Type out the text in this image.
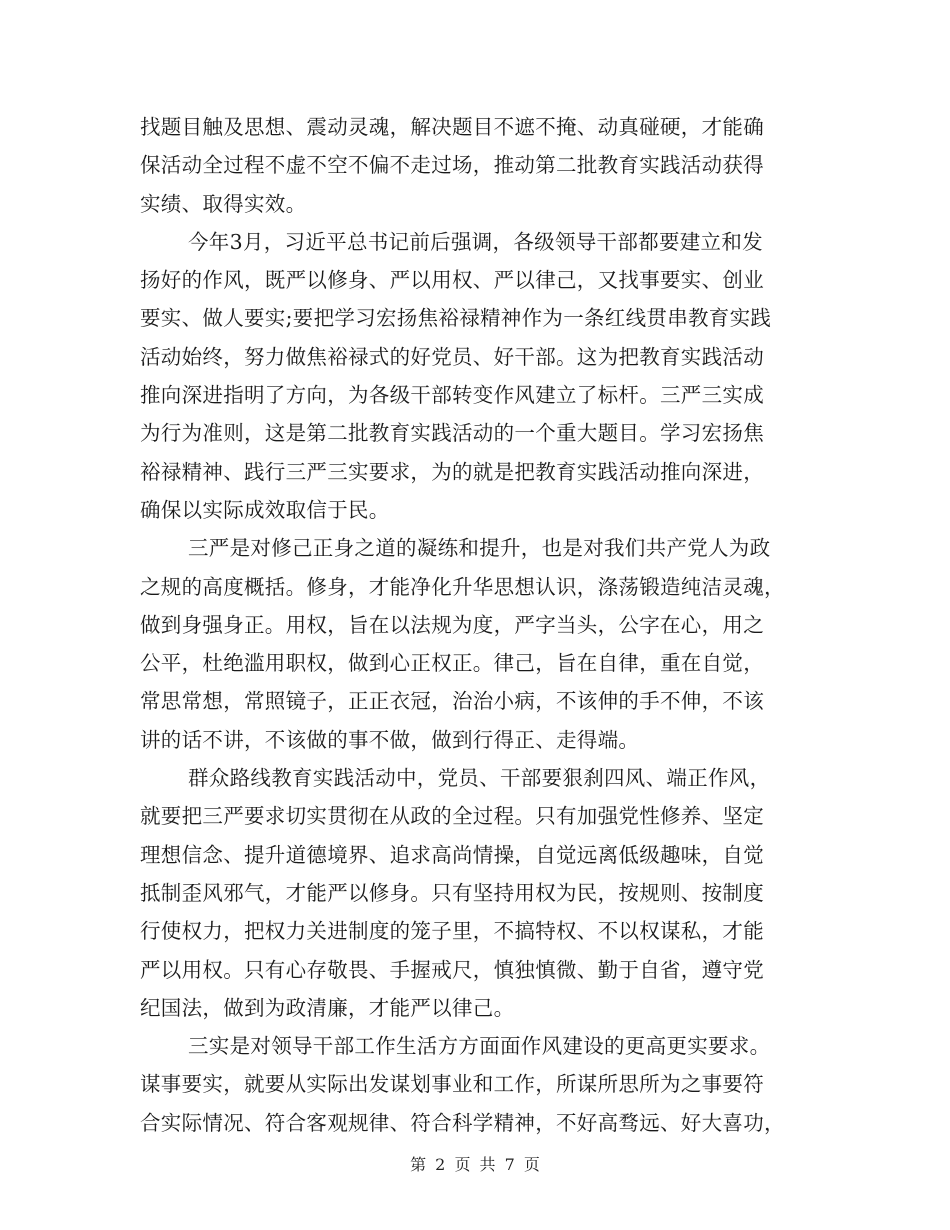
找题目触及思想、震动灵魂，解决题目不遮不掩、动真碰硬，才能确
保活动全过程不虚不空不偏不走过场，推动第二批教育实践活动获得
实绩、取得实效。
今年3月，习近平总书记前后强调，各级领导干部都要建立和发
扬好的作风，既严以修身、严以用权、严以律己，又找事要实、创业
要实、做人要实;要把学习宏扬焦裕禄精神作为一条红线贯串教育实践
活动始终，努力做焦裕禄式的好党员、好干部。这为把教育实践活动
推向深进指明了方向，为各级干部转变作风建立了标杆。三严三实成
为行为准则，这是第二批教育实践活动的一个重大题目。学习宏扬焦
裕禄精神、践行三严三实要求，为的就是把教育实践活动推向深进，
确保以实际成效取信于民。
三严是对修己正身之道的凝练和提升，也是对我们共产党人为政
之规的高度概括。修身，才能净化升华思想认识，涤荡锻造纯洁灵魂，
做到身强身正。用权，旨在以法规为度，严字当头，公字在心，用之
公平，杜绝滥用职权，做到心正权正。律己，旨在自律，重在自觉，
常思常想，常照镜子，正正衣冠，治治小病，不该伸的手不伸，不该
讲的话不讲，不该做的事不做，做到行得正、走得端。
群众路线教育实践活动中，党员、干部要狠刹四风、端正作风，
就要把三严要求切实贯彻在从政的全过程。只有加强党性修养、坚定
理想信念、提升道德境界、追求高尚情操，自觉远离低级趣味，自觉
抵制歪风邪气，才能严以修身。只有坚持用权为民，按规则、按制度
行使权力，把权力关进制度的笼子里，不搞特权、不以权谋私，才能
严以用权。只有心存敬畏、手握戒尺，慎独慎微、勤于自省，遵守党
纪国法，做到为政清廉，才能严以律己。
三实是对领导干部工作生活方方面面作风建设的更高更实要求。
谋事要实，就要从实际出发谋划事业和工作，所谋所思所为之事要符
合实际情况、符合客观规律、符合科学精神，不好高骛远、好大喜功，
第 2 页 共 7 页
